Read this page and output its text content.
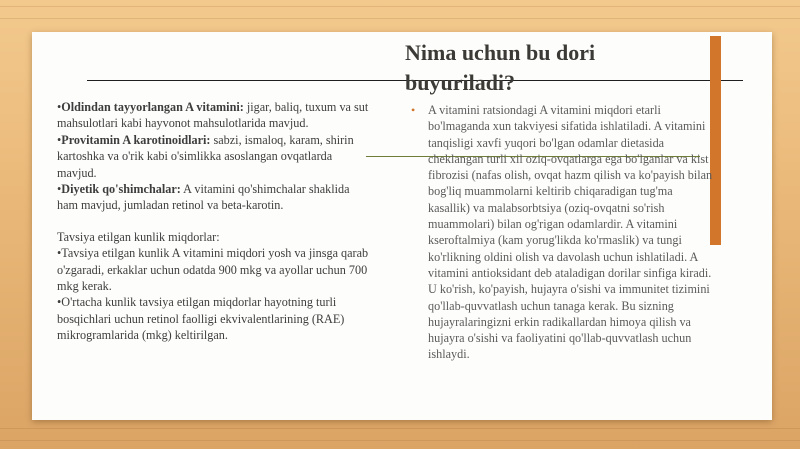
Nima uchun bu dori buyuriladi?

•Oldindan tayyorlangan A vitamini: jigar, baliq, tuxum va sut mahsulotlari kabi hayvonot mahsulotlarida mavjud.

•Provitamin A karotinoidlari: sabzi, ismaloq, karam, shirin kartoshka va o'rik kabi o'simlikka asoslangan ovqatlarda mavjud.

•Diyetik qo'shimchalar: A vitamini qo'shimchalar shaklida ham mavjud, jumladan retinol va beta-karotin.

Tavsiya etilgan kunlik miqdorlar:

•Tavsiya etilgan kunlik A vitamini miqdori yosh va jinsga qarab o'zgaradi, erkaklar uchun odatda 900 mkg va ayollar uchun 700 mkg kerak.

•O'rtacha kunlik tavsiya etilgan miqdorlar hayotning turli bosqichlari uchun retinol faolligi ekvivalentlarining (RAE) mikrogramlarida (mkg) keltirilgan.

• A vitamini ratsiondagi A vitamini miqdori etarli bo'lmaganda xun takviyesi sifatida ishlatiladi. A vitamini tanqisligi xavfi yuqori bo'lgan odamlar dietasida cheklangan turli xil oziq-ovqatlarga ega bo'lganlar va kist fibrozisi (nafas olish, ovqat hazm qilish va ko'payish bilan bog'liq muammolarni keltirib chiqaradigan tug'ma kasallik) va malabsorbtsiya (oziq-ovqatni so'rish muammolari) bilan og'rigan odamlardir. A vitamini kseroftalmiya (kam yorug'likda ko'rmaslik) va tungi ko'rlikning oldini olish va davolash uchun ishlatiladi. A vitamini antioksidant deb ataladigan dorilar sinfiga kiradi. U ko'rish, ko'payish, hujayra o'sishi va immunitet tizimini qo'llab-quvvatlash uchun tanaga kerak. Bu sizning hujayralaringizni erkin radikallardan himoya qilish va hujayra o'sishi va faoliyatini qo'llab-quvvatlash uchun ishlaydi.
